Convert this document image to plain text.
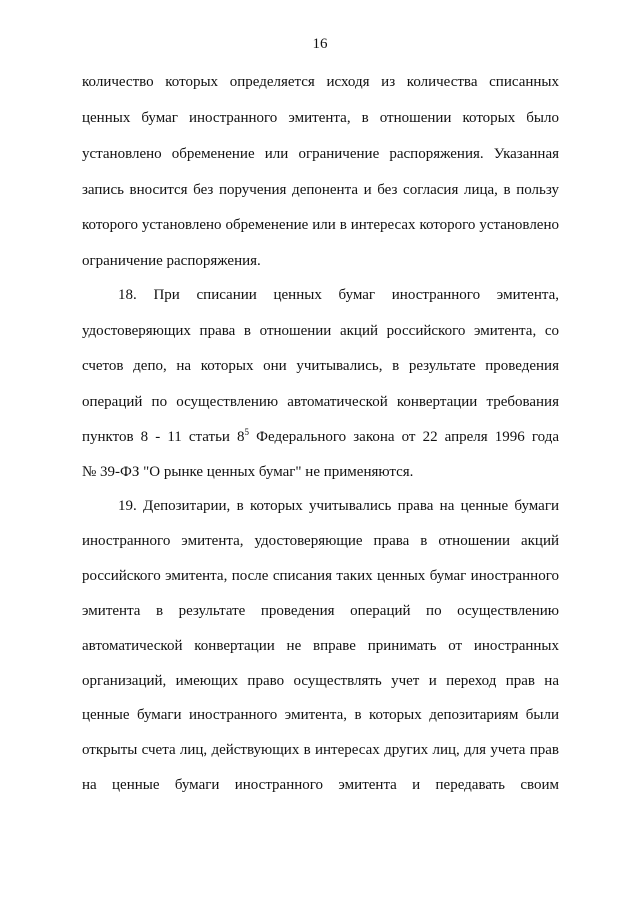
16
количество которых определяется исходя из количества списанных
ценных бумаг иностранного эмитента, в отношении которых было
установлено обременение или ограничение распоряжения. Указанная
запись вносится без поручения депонента и без согласия лица, в пользу
которого установлено обременение или в интересах которого установлено
ограничение распоряжения.
18. При списании ценных бумаг иностранного эмитента,
удостоверяющих права в отношении акций российского эмитента, со
счетов депо, на которых они учитывались, в результате проведения
операций по осуществлению автоматической конвертации требования
пунктов 8 - 11 статьи $8^5$ Федерального закона от 22 апреля 1996 года
№ 39-ФЗ "О рынке ценных бумаг" не применяются.
19. Депозитарии, в которых учитывались права на ценные бумаги
иностранного эмитента, удостоверяющие права в отношении акций
российского эмитента, после списания таких ценных бумаг иностранного
эмитента в результате проведения операций по осуществлению
автоматической конвертации не вправе принимать от иностранных
организаций, имеющих право осуществлять учет и переход прав на
ценные бумаги иностранного эмитента, в которых депозитариям были
открыты счета лиц, действующих в интересах других лиц, для учета прав
на ценные бумаги иностранного эмитента и передавать своим
